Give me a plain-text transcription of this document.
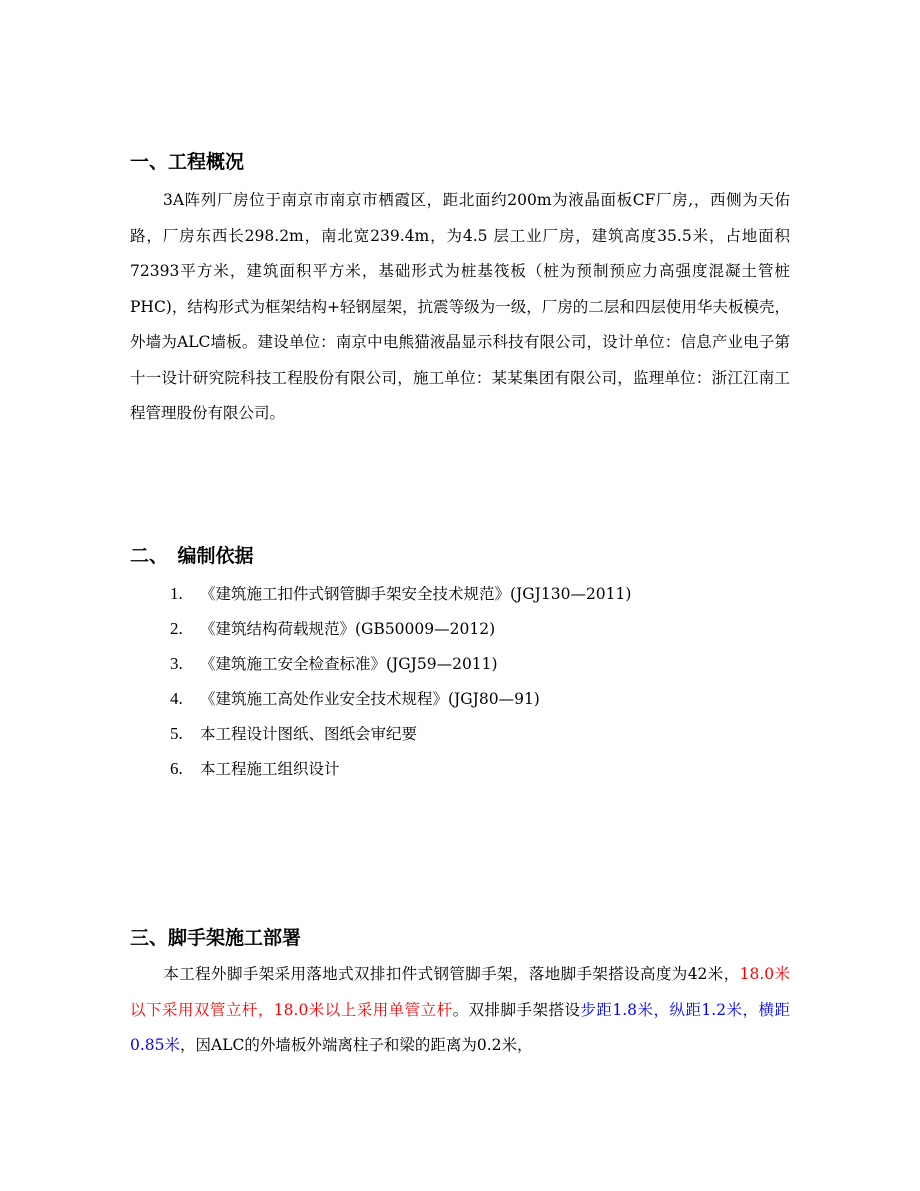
一、工程概况
3A阵列厂房位于南京市南京市栖霞区，距北面约200m为液晶面板CF厂房,，西侧为天佑路，厂房东西长298.2m，南北宽239.4m，为4.5 层工业厂房，建筑高度35.5米，占地面积72393平方米，建筑面积平方米，基础形式为桩基筏板（桩为预制预应力高强度混凝土管桩PHC)，结构形式为框架结构+轻钢屋架，抗震等级为一级，厂房的二层和四层使用华夫板模壳，外墙为ALC墙板。建设单位：南京中电熊猫液晶显示科技有限公司，设计单位：信息产业电子第十一设计研究院科技工程股份有限公司，施工单位：某某集团有限公司，监理单位：浙江江南工程管理股份有限公司。
二、　编制依据
1. 《建筑施工扣件式钢管脚手架安全技术规范》(JGJ130—2011)
2. 《建筑结构荷载规范》(GB50009—2012)
3. 《建筑施工安全检查标准》(JGJ59—2011)
4. 《建筑施工高处作业安全技术规程》(JGJ80—91)
5. 本工程设计图纸、图纸会审纪要
6. 本工程施工组织设计
三、脚手架施工部署
本工程外脚手架采用落地式双排扣件式钢管脚手架，落地脚手架搭设高度为42米，18.0米以下采用双管立杆，18.0米以上采用单管立杆。双排脚手架搭设步距1.8米，纵距1.2米，横距0.85米，因ALC的外墙板外端离柱子和梁的距离为0.2米，
